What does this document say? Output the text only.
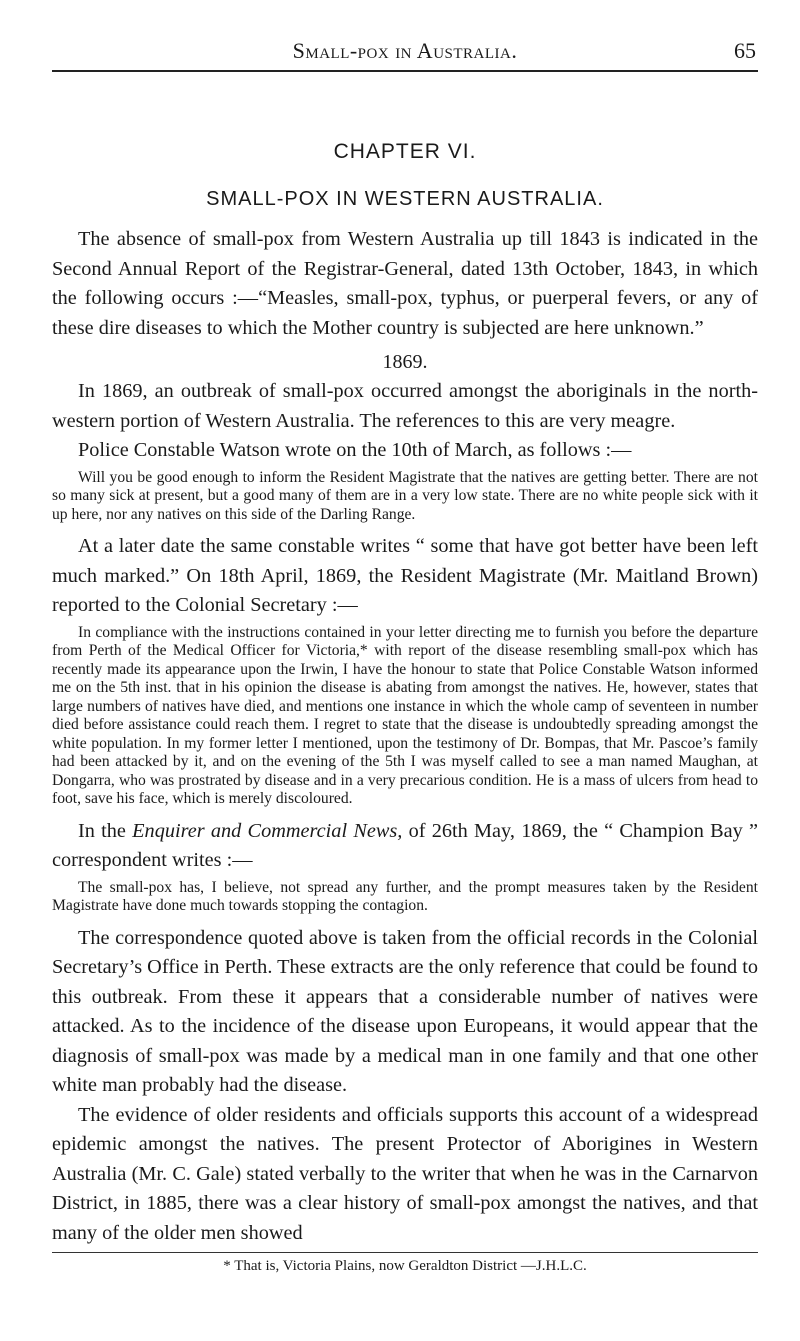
Small-pox in Australia.	65
CHAPTER VI.
SMALL-POX IN WESTERN AUSTRALIA.

The absence of small-pox from Western Australia up till 1843 is indicated in the Second Annual Report of the Registrar-General, dated 13th October, 1843, in which the following occurs :—“Measles, small-pox, typhus, or puerperal fevers, or any of these dire diseases to which the Mother country is subjected are here unknown.”

1869.

In 1869, an outbreak of small-pox occurred amongst the aboriginals in the north-western portion of Western Australia. The references to this are very meagre.

Police Constable Watson wrote on the 10th of March, as follows :—

Will you be good enough to inform the Resident Magistrate that the natives are getting better. There are not so many sick at present, but a good many of them are in a very low state. There are no white people sick with it up here, nor any natives on this side of the Darling Range.

At a later date the same constable writes “ some that have got better have been left much marked.” On 18th April, 1869, the Resident Magistrate (Mr. Maitland Brown) reported to the Colonial Secretary :—

In compliance with the instructions contained in your letter directing me to furnish you before the departure from Perth of the Medical Officer for Victoria,* with report of the disease resembling small-pox which has recently made its appearance upon the Irwin, I have the honour to state that Police Constable Watson informed me on the 5th inst. that in his opinion the disease is abating from amongst the natives. He, however, states that large numbers of natives have died, and mentions one instance in which the whole camp of seventeen in number died before assistance could reach them. I regret to state that the disease is undoubtedly spreading amongst the white population. In my former letter I mentioned, upon the testimony of Dr. Bompas, that Mr. Pascoe’s family had been attacked by it, and on the evening of the 5th I was myself called to see a man named Maughan, at Dongarra, who was prostrated by disease and in a very precarious condition. He is a mass of ulcers from head to foot, save his face, which is merely discoloured.

In the Enquirer and Commercial News, of 26th May, 1869, the “ Champion Bay ” correspondent writes :—

The small-pox has, I believe, not spread any further, and the prompt measures taken by the Resident Magistrate have done much towards stopping the contagion.

The correspondence quoted above is taken from the official records in the Colonial Secretary’s Office in Perth. These extracts are the only reference that could be found to this outbreak. From these it appears that a considerable number of natives were attacked. As to the incidence of the disease upon Europeans, it would appear that the diagnosis of small-pox was made by a medical man in one family and that one other white man probably had the disease.

The evidence of older residents and officials supports this account of a widespread epidemic amongst the natives. The present Protector of Aborigines in Western Australia (Mr. C. Gale) stated verbally to the writer that when he was in the Carnarvon District, in 1885, there was a clear history of small-pox amongst the natives, and that many of the older men showed

* That is, Victoria Plains, now Geraldton District —J.H.L.C.
